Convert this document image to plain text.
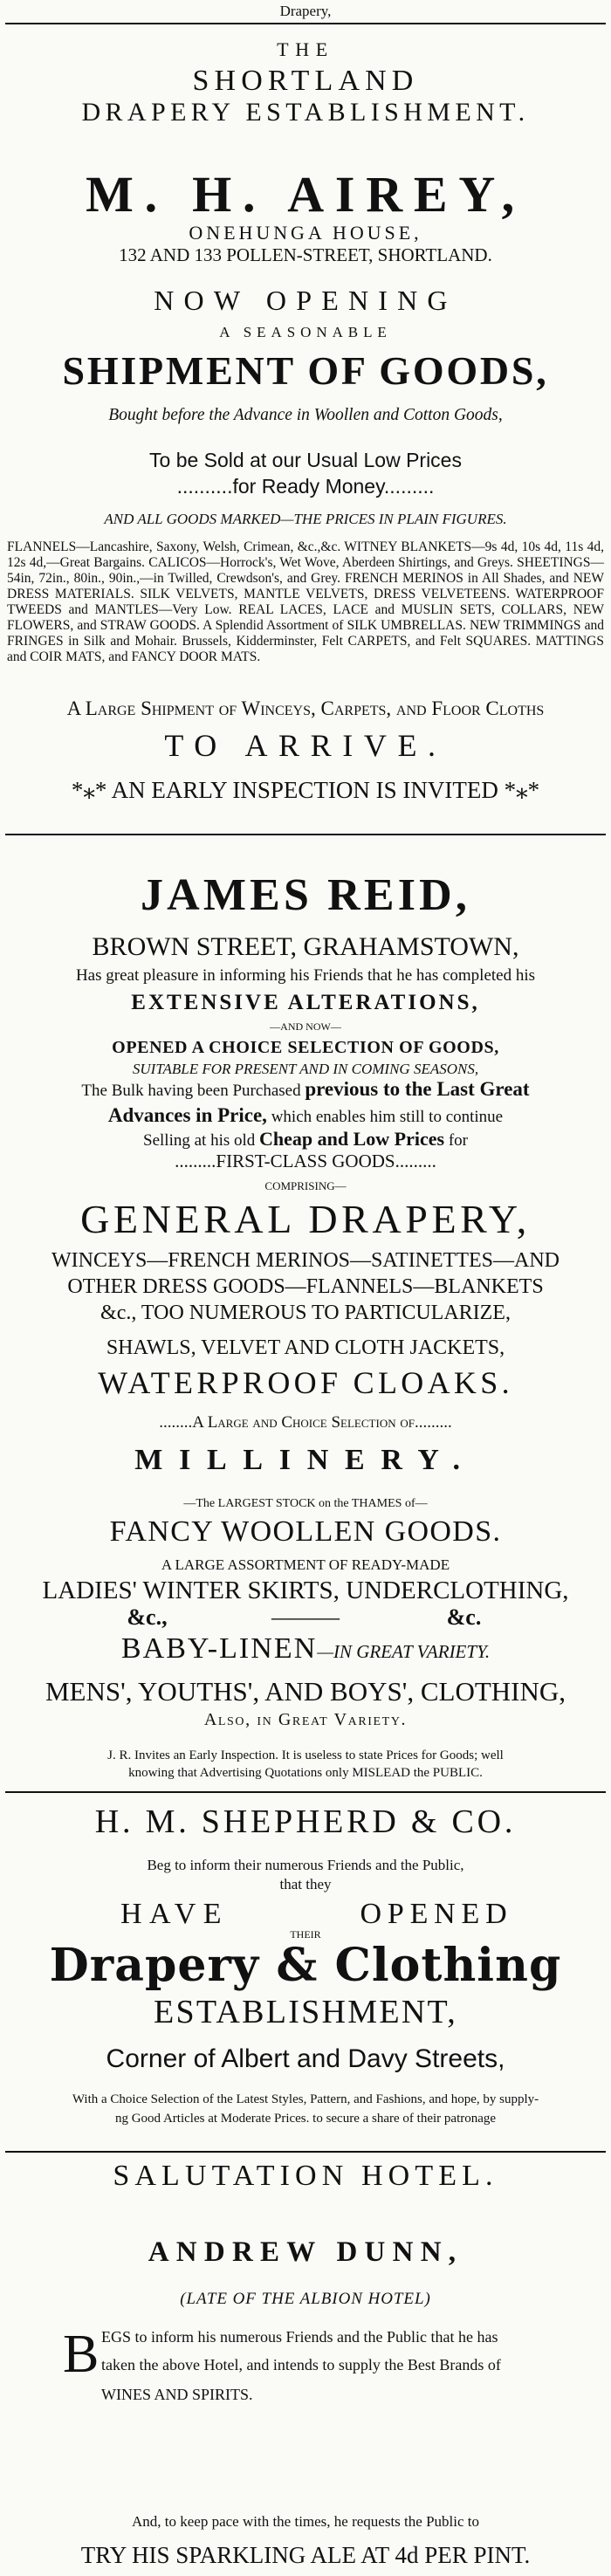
Drapery,
THE
SHORTLAND
DRAPERY ESTABLISHMENT.
M. H. AIREY,
ONEHUNGA HOUSE,
132 AND 133 POLLEN-STREET, SHORTLAND.
NOW OPENING
A SEASONABLE
SHIPMENT OF GOODS,
Bought before the Advance in Woollen and Cotton Goods,
To be Sold at our Usual Low Prices
..........for Ready Money.........
AND ALL GOODS MARKED—THE PRICES IN PLAIN FIGURES.
FLANNELS—Lancashire, Saxony, Welsh, Crimean, &c.,&c. WITNEY BLANKETS—9s 4d, 10s 4d, 11s 4d, 12s 4d,—Great Bargains. CALICOS—Horrock's, Wet Wove, Aberdeen Shirtings, and Greys. SHEETINGS—54in, 72in., 80in., 90in.,—in Twilled, Crewdson's, and Grey. FRENCH MERINOS in All Shades, and NEW DRESS MATERIALS. SILK VELVETS, MANTLE VELVETS, DRESS VELVETEENS. WATERPROOF TWEEDS and MANTLES—Very Low. REAL LACES, LACE and MUSLIN SETS, COLLARS, NEW FLOWERS, and STRAW GOODS. A Splendid Assortment of SILK UMBRELLAS. NEW TRIMMINGS and FRINGES in Silk and Mohair. Brussels, Kidderminster, Felt CARPETS, and Felt SQUARES. MATTINGS and COIR MATS, and FANCY DOOR MATS.
A Large Shipment of Winceys, Carpets, and Floor Cloths
TO ARRIVE.
*⁎* AN EARLY INSPECTION IS INVITED *⁎*
JAMES REID,
BROWN STREET, GRAHAMSTOWN,
Has great pleasure in informing his Friends that he has completed his
EXTENSIVE ALTERATIONS,
—AND NOW—
OPENED A CHOICE SELECTION OF GOODS,
SUITABLE FOR PRESENT AND IN COMING SEASONS,
The Bulk having been Purchased previous to the Last Great
Advances in Price, which enables him still to continue
Selling at his old Cheap and Low Prices for
.........FIRST-CLASS GOODS.........
COMPRISING—
GENERAL DRAPERY,
WINCEYS—FRENCH MERINOS—SATINETTES—AND
OTHER DRESS GOODS—FLANNELS—BLANKETS
&c., TOO NUMEROUS TO PARTICULARIZE,
SHAWLS, VELVET AND CLOTH JACKETS,
WATERPROOF CLOAKS.
........A Large and Choice Selection of.........
MILLINERY.
—The LARGEST STOCK on the THAMES of—
FANCY WOOLLEN GOODS.
A LARGE ASSORTMENT OF READY-MADE
LADIES' WINTER SKIRTS, UNDERCLOTHING,
&c.,	———	&c.
BABY-LINEN—IN GREAT VARIETY.
MENS', YOUTHS', AND BOYS', CLOTHING,
Also, in Great Variety.
J. R. Invites an Early Inspection. It is useless to state Prices for Goods; well
knowing that Advertising Quotations only MISLEAD the PUBLIC.
H. M. SHEPHERD & CO.
Beg to inform their numerous Friends and the Public,
that they
HAVE	OPENED
THEIR
Drapery & Clothing
ESTABLISHMENT,
Corner of Albert and Davy Streets,
With a Choice Selection of the Latest Styles, Pattern, and Fashions, and hope, by supply-
ng Good Articles at Moderate Prices. to secure a share of their patronage
SALUTATION HOTEL.
ANDREW DUNN,
(LATE OF THE ALBION HOTEL)
B EGS to inform his numerous Friends and the Public that he has
taken the above Hotel, and intends to supply the Best Brands of
WINES AND SPIRITS.
And, to keep pace with the times, he requests the Public to
TRY HIS SPARKLING ALE AT 4d PER PINT.
